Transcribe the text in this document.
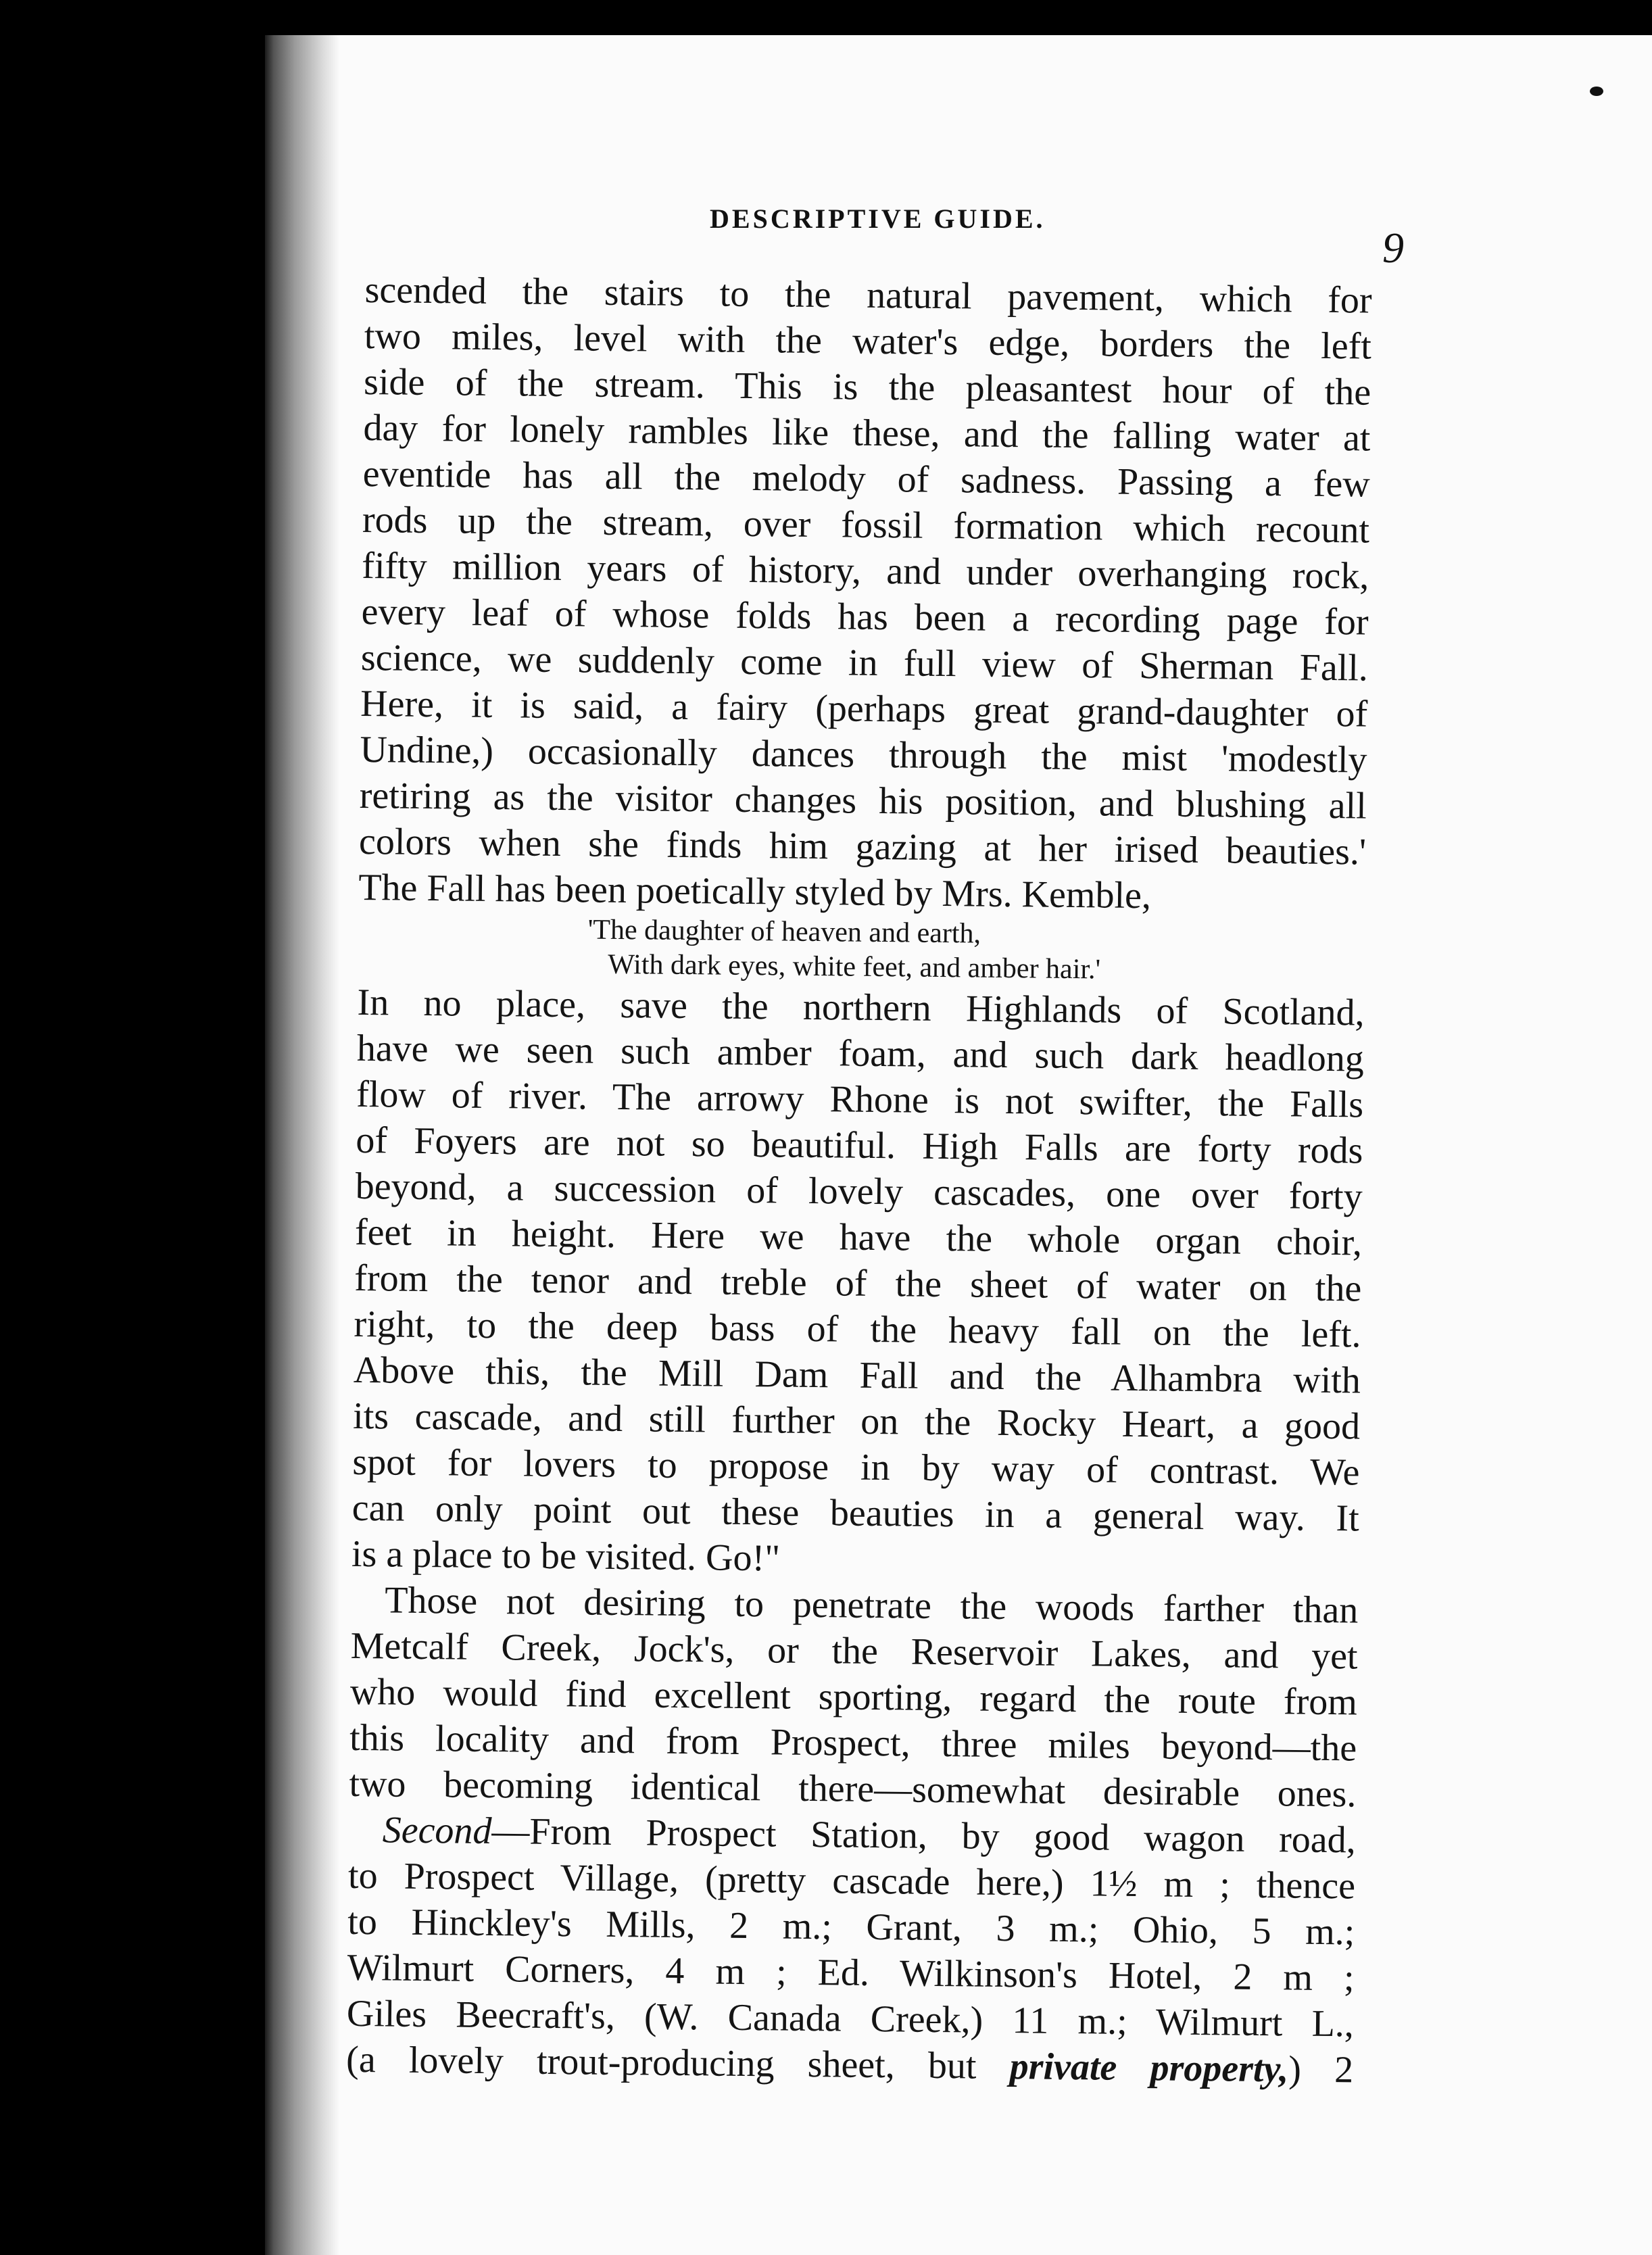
DESCRIPTIVE GUIDE.
9
scended the stairs to the natural pavement, which for
two miles, level with the water's edge, borders the left
side of the stream. This is the pleasantest hour of the
day for lonely rambles like these, and the falling water at
eventide has all the melody of sadness. Passing a few
rods up the stream, over fossil formation which recount
fifty million years of history, and under overhanging rock,
every leaf of whose folds has been a recording page for
science, we suddenly come in full view of Sherman Fall.
Here, it is said, a fairy (perhaps great grand-daughter of
Undine,) occasionally dances through the mist 'modestly
retiring as the visitor changes his position, and blushing all
colors when she finds him gazing at her irised beauties.'
The Fall has been poetically styled by Mrs. Kemble,
'The daughter of heaven and earth,
With dark eyes, white feet, and amber hair.'
In no place, save the northern Highlands of Scotland,
have we seen such amber foam, and such dark headlong
flow of river. The arrowy Rhone is not swifter, the Falls
of Foyers are not so beautiful. High Falls are forty rods
beyond, a succession of lovely cascades, one over forty
feet in height. Here we have the whole organ choir,
from the tenor and treble of the sheet of water on the
right, to the deep bass of the heavy fall on the left.
Above this, the Mill Dam Fall and the Alhambra with
its cascade, and still further on the Rocky Heart, a good
spot for lovers to propose in by way of contrast. We
can only point out these beauties in a general way. It
is a place to be visited. Go!"
Those not desiring to penetrate the woods farther than
Metcalf Creek, Jock's, or the Reservoir Lakes, and yet
who would find excellent sporting, regard the route from
this locality and from Prospect, three miles beyond—the
two becoming identical there—somewhat desirable ones.
Second—From Prospect Station, by good wagon road,
to Prospect Village, (pretty cascade here,) 1½ m ; thence
to Hinckley's Mills, 2 m.; Grant, 3 m.; Ohio, 5 m.;
Wilmurt Corners, 4 m ; Ed. Wilkinson's Hotel, 2 m ;
Giles Beecraft's, (W. Canada Creek,) 11 m.; Wilmurt L.,
(a lovely trout-producing sheet, but private property,) 2
